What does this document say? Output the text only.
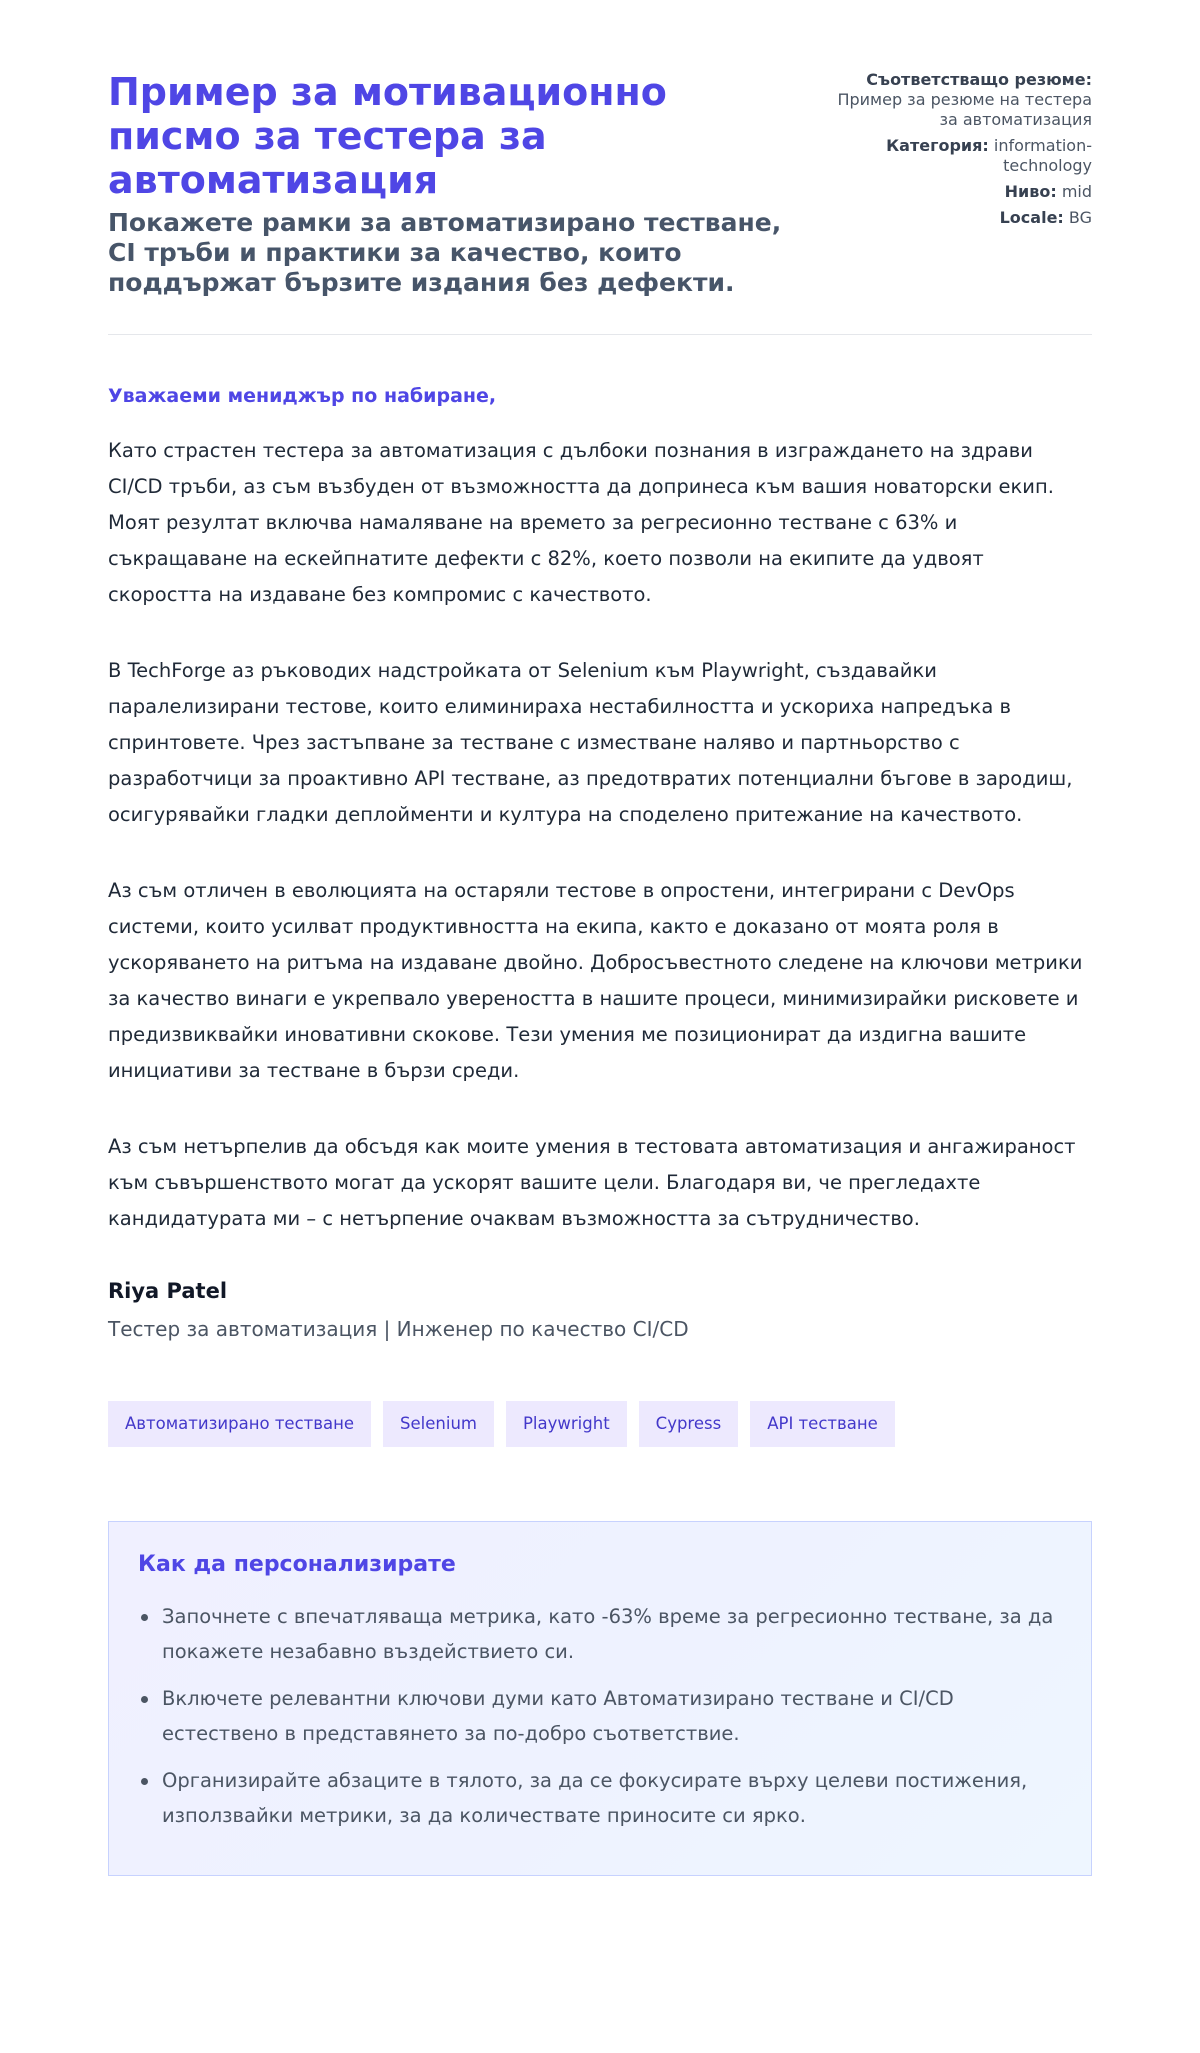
Пример за мотивационно писмо за тестера за автоматизация
Покажете рамки за автоматизирано тестване, CI тръби и практики за качество, които поддържат бързите издания без дефекти.
Съответстващо резюме:
Пример за резюме на тестера за автоматизация
Категория: information-technology
Ниво: mid
Locale: BG
Уважаеми мениджър по набиране,

Като страстен тестера за автоматизация с дълбоки познания в изграждането на здрави CI/CD тръби, аз съм възбуден от възможността да допринеса към вашия новаторски екип. Моят резултат включва намаляване на времето за регресионно тестване с 63% и съкращаване на ескейпнатите дефекти с 82%, което позволи на екипите да удвоят скоростта на издаване без компромис с качеството.

В TechForge аз ръководих надстройката от Selenium към Playwright, създавайки паралелизирани тестове, които елиминираха нестабилността и ускориха напредъка в спринтовете. Чрез застъпване за тестване с изместване наляво и партньорство с разработчици за проактивно API тестване, аз предотвратих потенциални бъгове в зародиш, осигурявайки гладки деплойменти и култура на споделено притежание на качеството.

Аз съм отличен в еволюцията на остаряли тестове в опростени, интегрирани с DevOps системи, които усилват продуктивността на екипа, както е доказано от моята роля в ускоряването на ритъма на издаване двойно. Добросъвестното следене на ключови метрики за качество винаги е укрепвало увереността в нашите процеси, минимизирайки рисковете и предизвиквайки иновативни скокове. Тези умения ме позиционират да издигна вашите инициативи за тестване в бързи среди.

Аз съм нетърпелив да обсъдя как моите умения в тестовата автоматизация и ангажираност към съвършенството могат да ускорят вашите цели. Благодаря ви, че прегледахте кандидатурата ми – с нетърпение очаквам възможността за сътрудничество.

Riya Patel
Тестер за автоматизация | Инженер по качество CI/CD
Автоматизирано тестване	Selenium	Playwright	Cypress	API тестване
Как да персонализирате
Започнете с впечатляваща метрика, като -63% време за регресионно тестване, за да покажете незабавно въздействието си.
Включете релевантни ключови думи като Автоматизирано тестване и CI/CD естествено в представянето за по-добро съответствие.
Организирайте абзаците в тялото, за да се фокусирате върху целеви постижения, използвайки метрики, за да количествате приносите си ярко.
